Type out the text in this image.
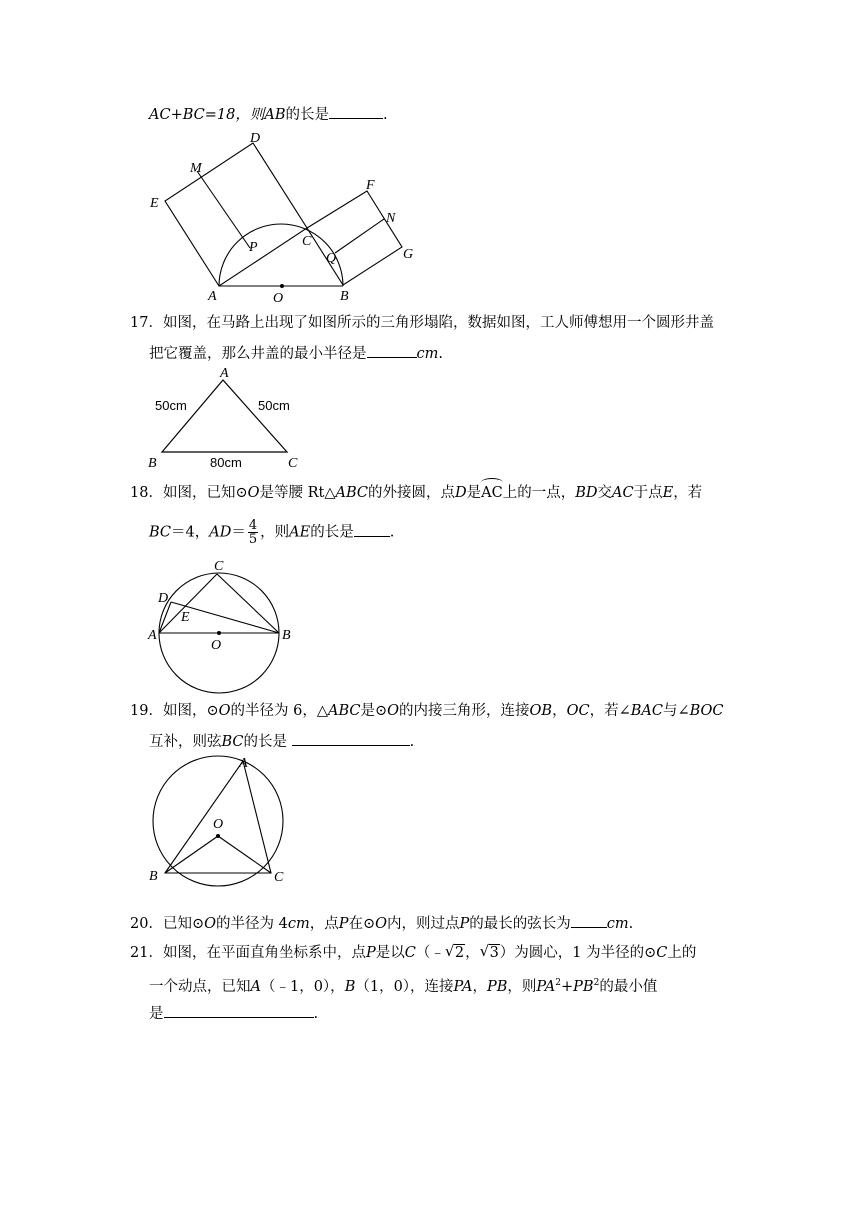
AC+BC=18，则AB的长是	.
D
M
E
F
N
G
P	C
Q
A	O	B
17．如图，在马路上出现了如图所示的三角形塌陷，数据如图，工人师傅想用一个圆形井盖
把它覆盖，那么井盖的最小半径是	cm.
A
B	C
50cm	50cm
80cm
18．如图，已知⊙O是等腰 Rt△ABC的外接圆，点D是AC上的一点，BD交AC于点E，若
BC＝4，$AD= \frac{4}{5}$ ，则AE的长是 .
C
D
E
A
O
B
19．如图，⊙O的半径为 6，△ABC是⊙O的内接三角形，连接OB，OC，若∠BAC与∠BOC
互补，则弦BC的长是	.
A
O
B	C
20．已知⊙O的半径为 4cm，点P在⊙O内，则过点P的最长的弦长为 cm.
21．如图，在平面直角坐标系中，点P是以C（﹣ √ 2， √ 3）为圆心，1 为半径的⊙C上的
一个动点，已知A（﹣1，0），B（1，0），连接PA，PB，则$PA^2+PB^2$的最小值
是	.
